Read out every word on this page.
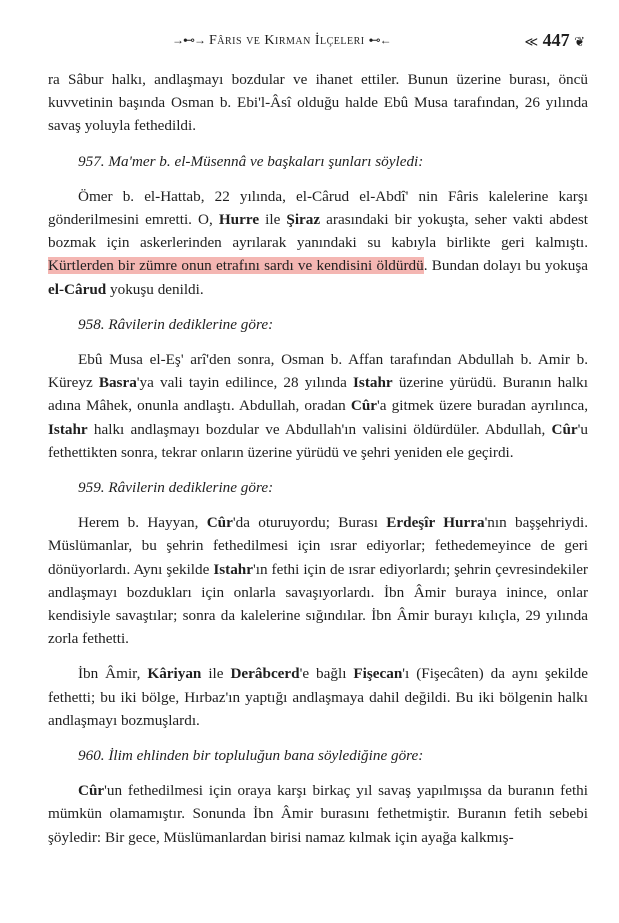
→⊷→ Fâris ve Kirman İlçeleri ⊷←	≪ 447 ❦

ra Sâbur halkı, andlaşmayı bozdular ve ihanet ettiler. Bunun üzerine burası, öncü kuvvetinin başında Osman b. Ebi'l-Âsî olduğu halde Ebû Musa tarafından, 26 yılında savaş yoluyla fethedildi.

957. Ma'mer b. el-Müsennâ ve başkaları şunları söyledi:

Ömer b. el-Hattab, 22 yılında, el-Cârud el-Abdî' nin Fâris kalelerine karşı gönderilmesini emretti. O, Hurre ile Şiraz arasındaki bir yokuşta, seher vakti abdest bozmak için askerlerinden ayrılarak yanındaki su kabıyla birlikte geri kalmıştı. Kürtlerden bir zümre onun etrafını sardı ve kendisini öldürdü. Bundan dolayı bu yokuşa el-Cârud yokuşu denildi.

958. Râvilerin dediklerine göre:

Ebû Musa el-Eş' arî'den sonra, Osman b. Affan tarafından Abdullah b. Amir b. Küreyz Basra'ya vali tayin edilince, 28 yılında Istahr üzerine yürüdü. Buranın halkı adına Mâhek, onunla andlaştı. Abdullah, oradan Cûr'a gitmek üzere buradan ayrılınca, Istahr halkı andlaşmayı bozdular ve Abdullah'ın valisini öldürdüler. Abdullah, Cûr'u fethettikten sonra, tekrar onların üzerine yürüdü ve şehri yeniden ele geçirdi.

959. Râvilerin dediklerine göre:

Herem b. Hayyan, Cûr'da oturuyordu; Burası Erdeşîr Hurra'nın başşehriydi. Müslümanlar, bu şehrin fethedilmesi için ısrar ediyorlar; fethedemeyince de geri dönüyorlardı. Aynı şekilde Istahr'ın fethi için de ısrar ediyorlardı; şehrin çevresindekiler andlaşmayı bozdukları için onlarla savaşıyorlardı. İbn Âmir buraya inince, onlar kendisiyle savaştılar; sonra da kalelerine sığındılar. İbn Âmir burayı kılıçla, 29 yılında zorla fethetti.

İbn Âmir, Kâriyan ile Derâbcerd'e bağlı Fişecan'ı (Fişecâten) da aynı şekilde fethetti; bu iki bölge, Hırbaz'ın yaptığı andlaşmaya dahil değildi. Bu iki bölgenin halkı andlaşmayı bozmuşlardı.

960. İlim ehlinden bir topluluğun bana söylediğine göre:

Cûr'un fethedilmesi için oraya karşı birkaç yıl savaş yapılmışsa da buranın fethi mümkün olamamıştır. Sonunda İbn Âmir burasını fethetmiştir. Buranın fetih sebebi şöyledir: Bir gece, Müslümanlardan birisi namaz kılmak için ayağa kalkmış-
